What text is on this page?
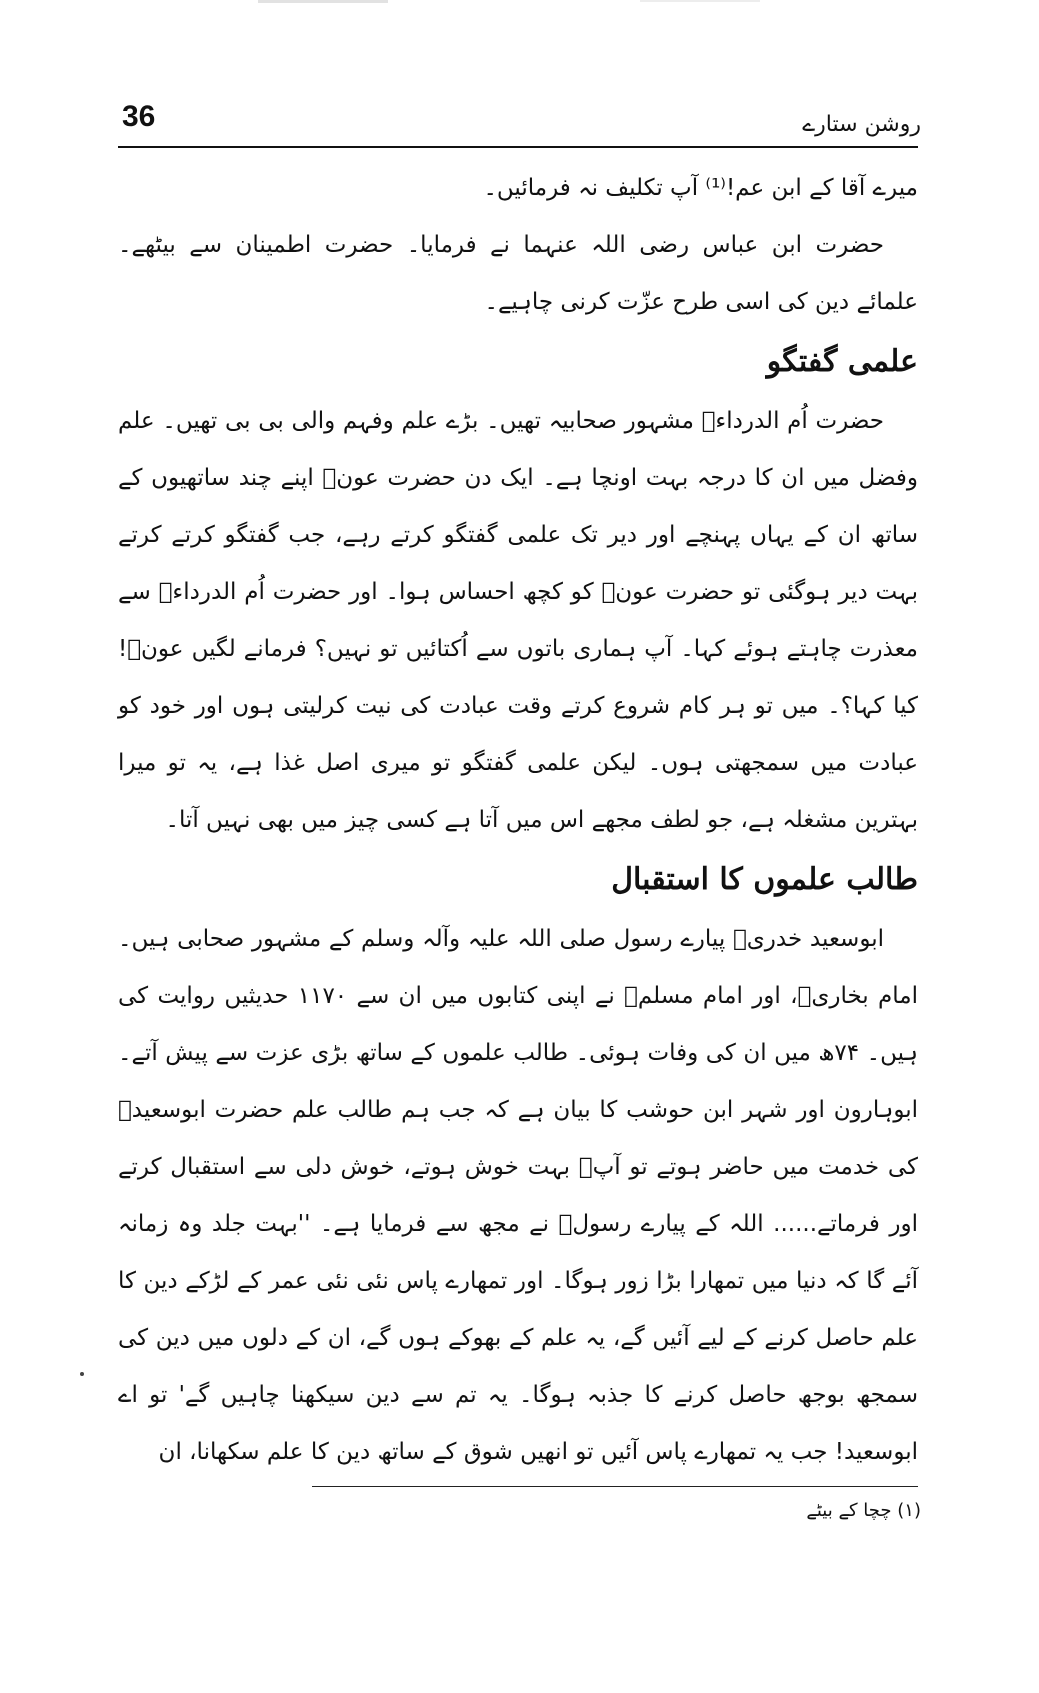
36	روشن ستارے

میرے آقا کے ابن عم!⁽¹⁾ آپ تکلیف نہ فرمائیں۔

حضرت ابن عباس رضی اللہ عنہما نے فرمایا۔ حضرت اطمینان سے بیٹھے۔ علمائے دین کی اسی طرح عزّت کرنی چاہیے۔

علمی گفتگو

حضرت اُم الدرداءؓ مشہور صحابیہ تھیں۔ بڑے علم وفہم والی بی بی تھیں۔ علم وفضل میں ان کا درجہ بہت اونچا ہے۔ ایک دن حضرت عونؒ اپنے چند ساتھیوں کے ساتھ ان کے یہاں پہنچے اور دیر تک علمی گفتگو کرتے رہے، جب گفتگو کرتے کرتے بہت دیر ہوگئی تو حضرت عونؒ کو کچھ احساس ہوا۔ اور حضرت اُم الدرداءؓ سے معذرت چاہتے ہوئے کہا۔ آپ ہماری باتوں سے اُکتائیں تو نہیں؟ فرمانے لگیں عونؒ! کیا کہا؟۔ میں تو ہر کام شروع کرتے وقت عبادت کی نیت کرلیتی ہوں اور خود کو عبادت میں سمجھتی ہوں۔ لیکن علمی گفتگو تو میری اصل غذا ہے، یہ تو میرا بہترین مشغلہ ہے، جو لطف مجھے اس میں آتا ہے کسی چیز میں بھی نہیں آتا۔

طالب علموں کا استقبال

ابوسعید خدریؓ پیارے رسول صلی اللہ علیہ وآلہ وسلم کے مشہور صحابی ہیں۔ امام بخاریؒ، اور امام مسلمؒ نے اپنی کتابوں میں ان سے ۱۱۷۰ حدیثیں روایت کی ہیں۔ ۷۴ھ میں ان کی وفات ہوئی۔ طالب علموں کے ساتھ بڑی عزت سے پیش آتے۔ ابوہارون اور شہر ابن حوشب کا بیان ہے کہ جب ہم طالب علم حضرت ابوسعیدؓ کی خدمت میں حاضر ہوتے تو آپؓ بہت خوش ہوتے، خوش دلی سے استقبال کرتے اور فرماتے...... اللہ کے پیارے رسولؐ نے مجھ سے فرمایا ہے۔ ''بہت جلد وہ زمانہ آئے گا کہ دنیا میں تمھارا بڑا زور ہوگا۔ اور تمھارے پاس نئی نئی عمر کے لڑکے دین کا علم حاصل کرنے کے لیے آئیں گے، یہ علم کے بھوکے ہوں گے، ان کے دلوں میں دین کی سمجھ بوجھ حاصل کرنے کا جذبہ ہوگا۔ یہ تم سے دین سیکھنا چاہیں گے' تو اے ابوسعید! جب یہ تمھارے پاس آئیں تو انھیں شوق کے ساتھ دین کا علم سکھانا، ان

(۱) چچا کے بیٹے
